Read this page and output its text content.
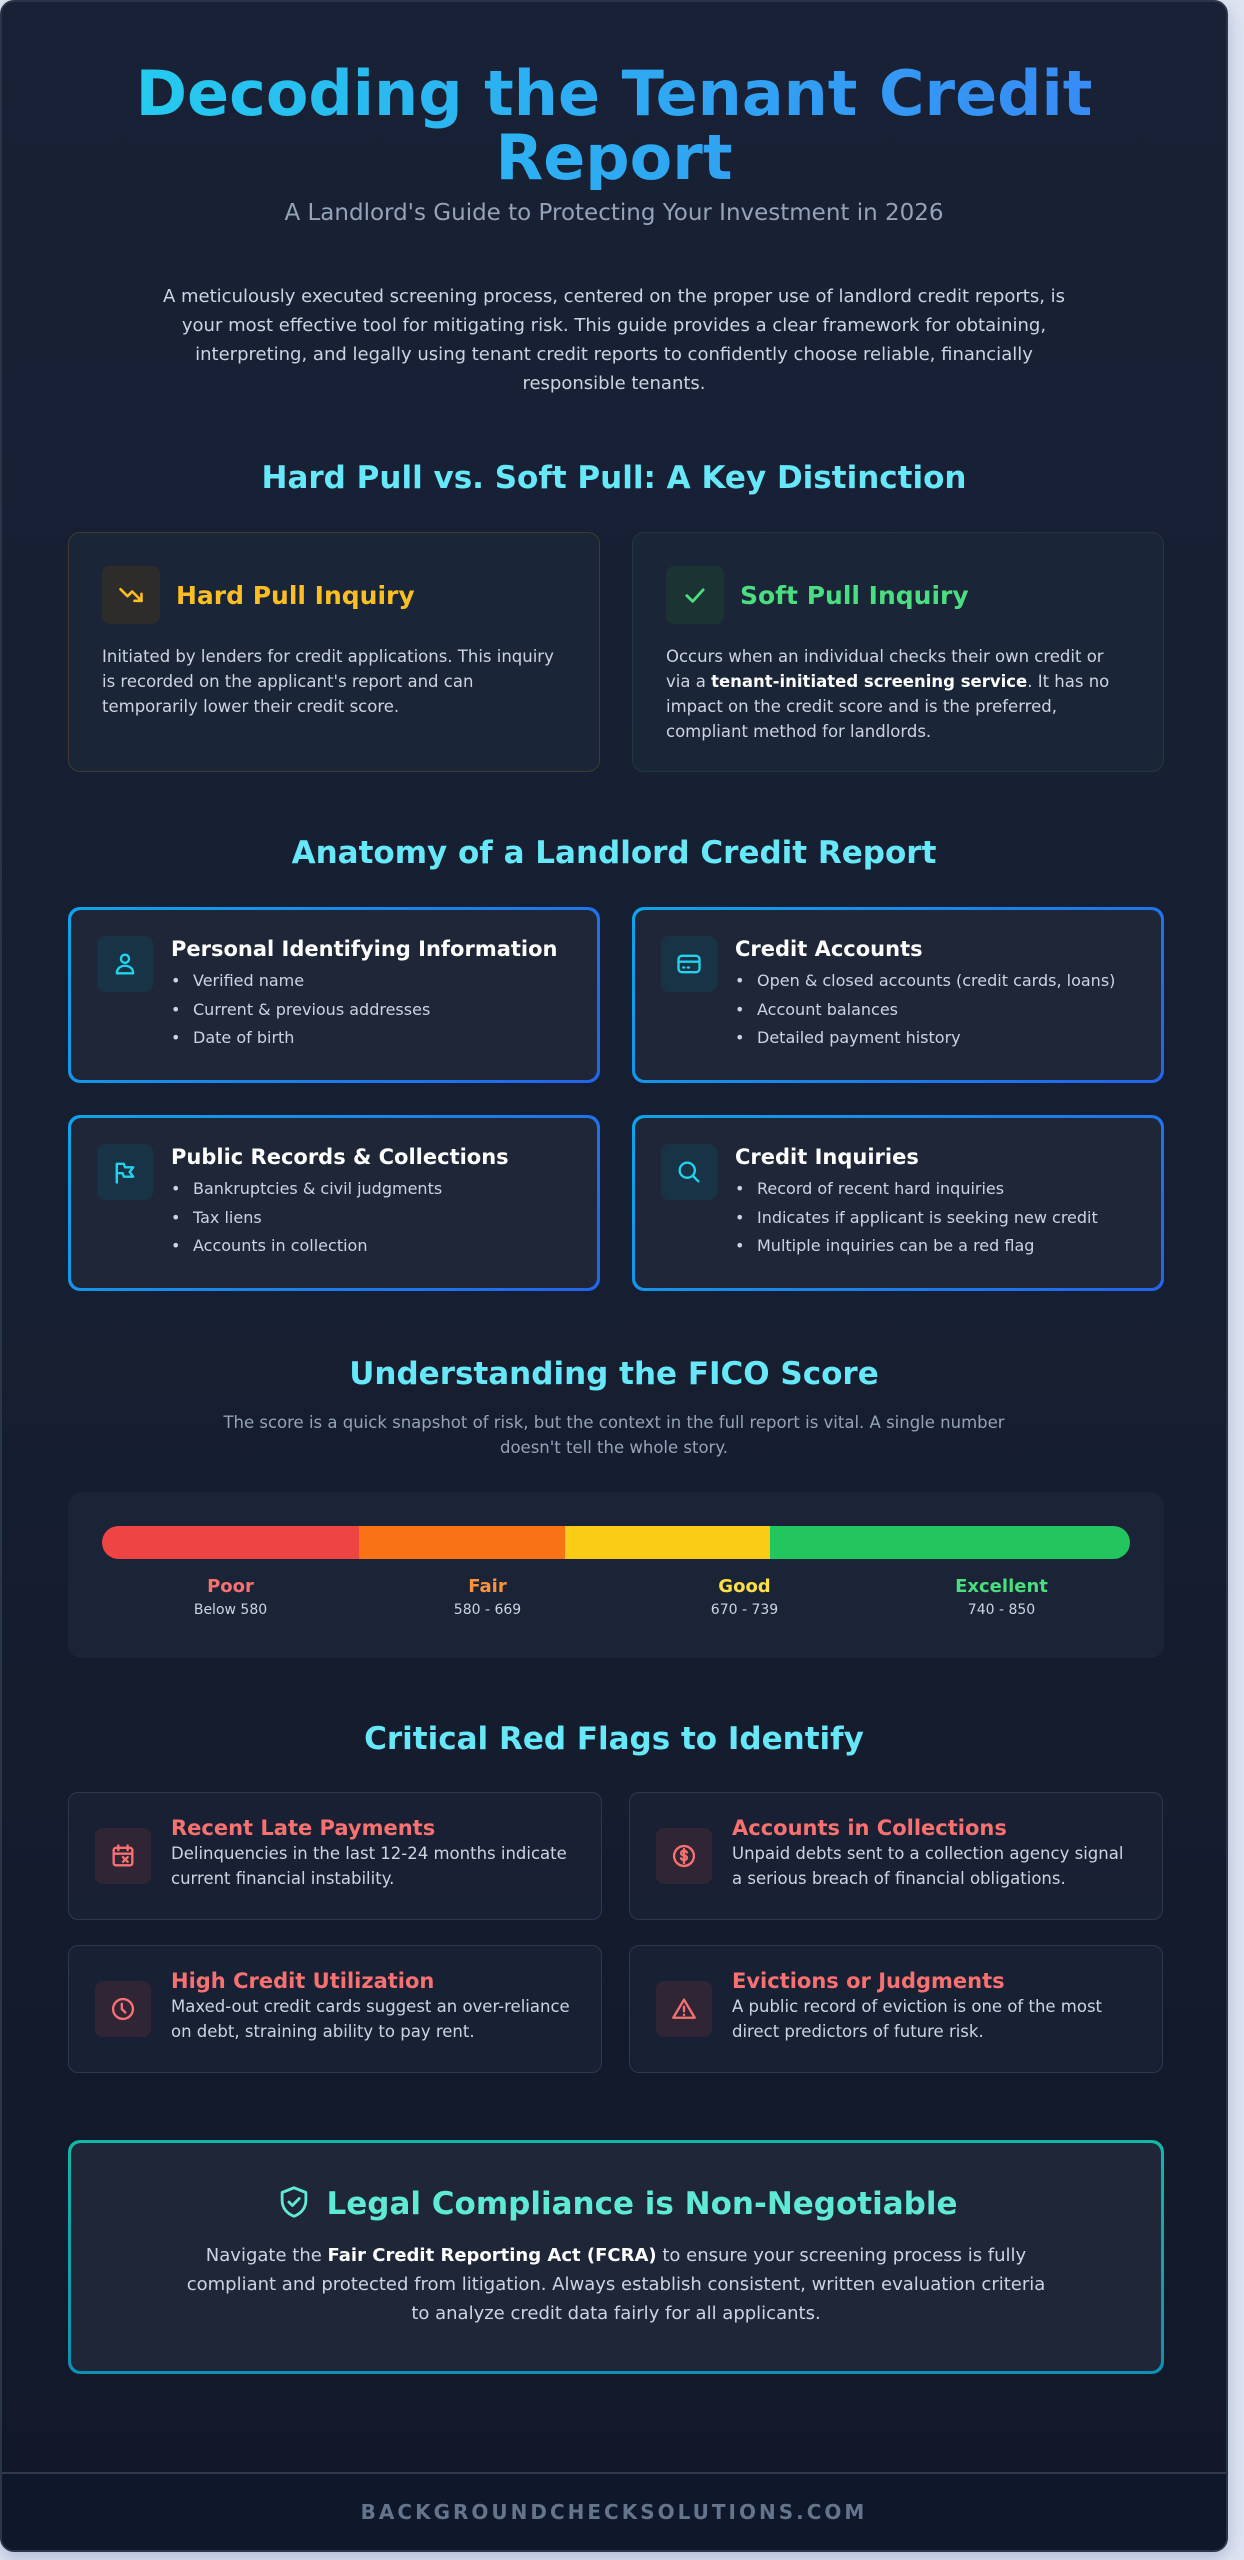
Decoding the Tenant Credit Report
A Landlord's Guide to Protecting Your Investment in 2026

A meticulously executed screening process, centered on the proper use of landlord credit reports, is your most effective tool for mitigating risk. This guide provides a clear framework for obtaining, interpreting, and legally using tenant credit reports to confidently choose reliable, financially responsible tenants.

Hard Pull vs. Soft Pull: A Key Distinction
Hard Pull Inquiry

Initiated by lenders for credit applications. This inquiry is recorded on the applicant's report and can temporarily lower their credit score.

Soft Pull Inquiry

Occurs when an individual checks their own credit or via a tenant-initiated screening service. It has no impact on the credit score and is the preferred, compliant method for landlords.

Anatomy of a Landlord Credit Report
Personal Identifying Information
• Verified name
• Current & previous addresses
• Date of birth
Credit Accounts
• Open & closed accounts (credit cards, loans)
• Account balances
• Detailed payment history
Public Records & Collections
• Bankruptcies & civil judgments
• Tax liens
• Accounts in collection
Credit Inquiries
• Record of recent hard inquiries
• Indicates if applicant is seeking new credit
• Multiple inquiries can be a red flag
Understanding the FICO Score

The score is a quick snapshot of risk, but the context in the full report is vital. A single number doesn't tell the whole story.

Poor
Below 580
Fair
580 - 669
Good
670 - 739
Excellent
740 - 850
Critical Red Flags to Identify
Recent Late Payments
Delinquencies in the last 12-24 months indicate current financial instability.
Accounts in Collections
Unpaid debts sent to a collection agency signal a serious breach of financial obligations.
High Credit Utilization
Maxed-out credit cards suggest an over-reliance on debt, straining ability to pay rent.
Evictions or Judgments
A public record of eviction is one of the most direct predictors of future risk.
Legal Compliance is Non-Negotiable

Navigate the Fair Credit Reporting Act (FCRA) to ensure your screening process is fully compliant and protected from litigation. Always establish consistent, written evaluation criteria to analyze credit data fairly for all applicants.

BACKGROUNDCHECKSOLUTIONS.COM
